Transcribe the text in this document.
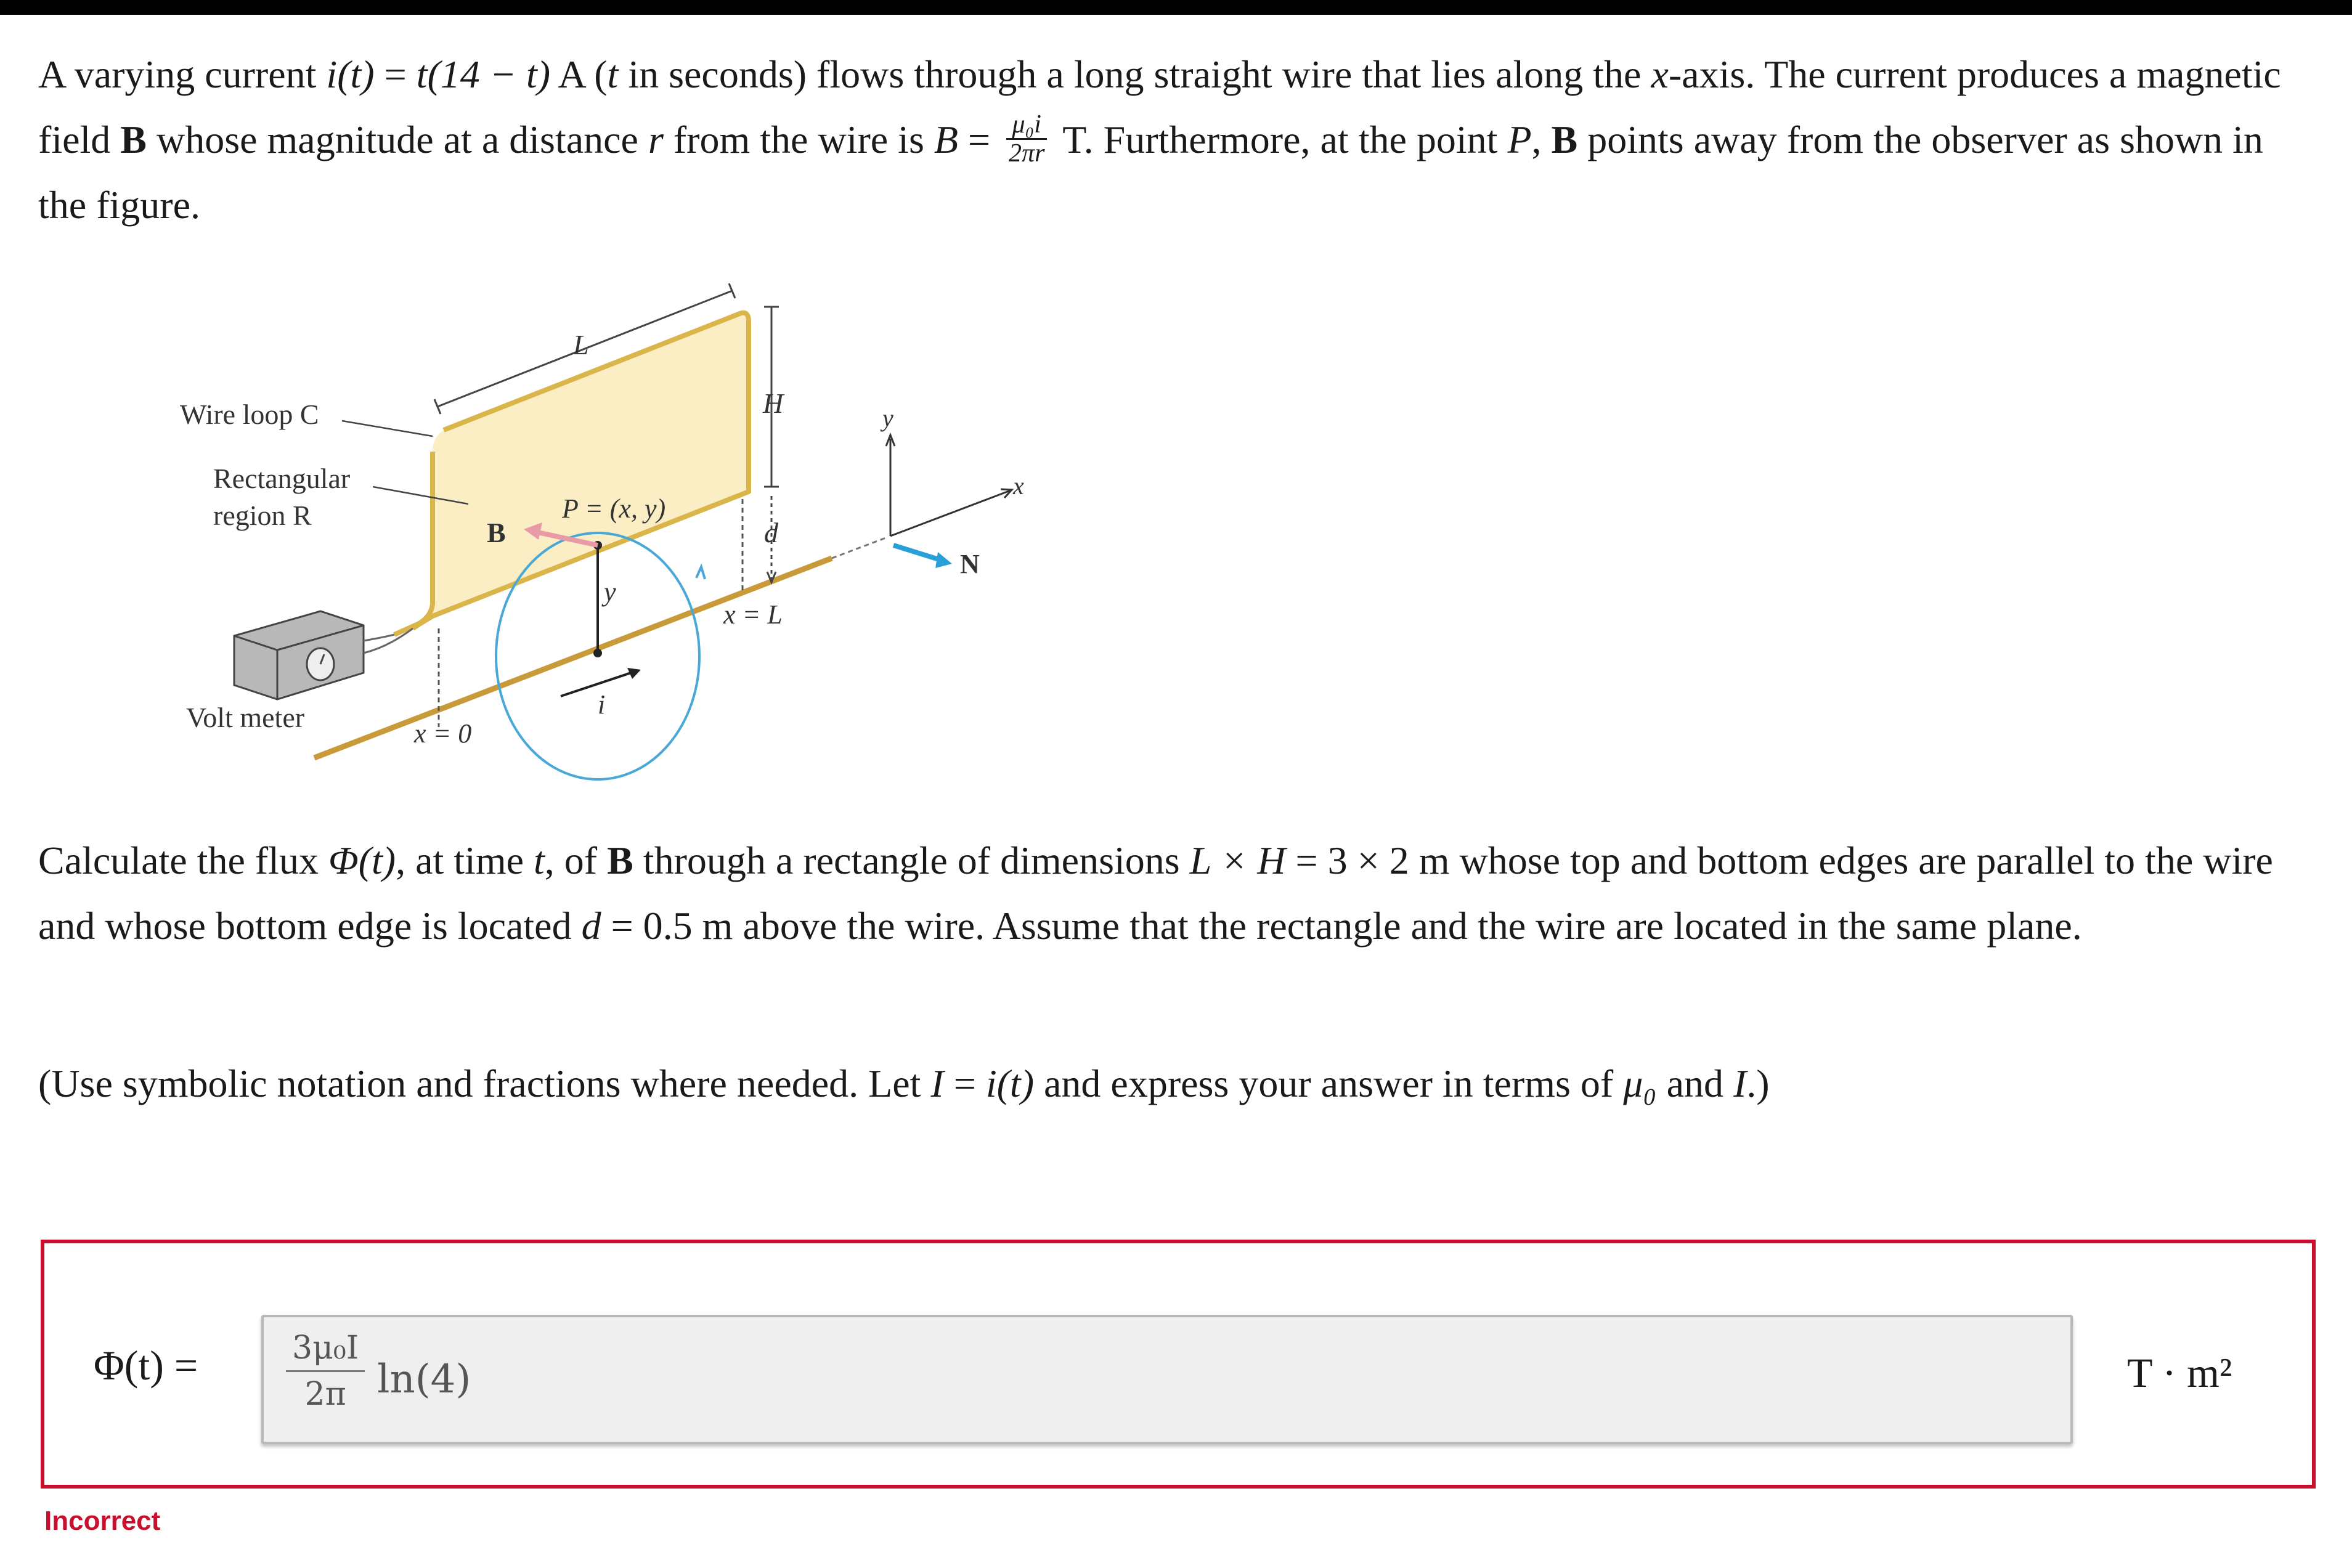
A varying current i(t) = t(14 − t) A (t in seconds) flows through a long straight wire that lies along the x-axis. The current produces a magnetic field B whose magnitude at a distance r from the wire is $B = \frac{\text{μ₀i}}{2\pi r} T$. Furthermore, at the point P, B points away from the observer as shown in the figure.

Wire loop C
Rectangular
region R
Volt meter
L
H
d
B
P = (x, y)
y
i
x = 0
x = L
y
x
N

Calculate the flux Φ(t), at time t, of B through a rectangle of dimensions L × H = 3 × 2 m whose top and bottom edges are parallel to the wire and whose bottom edge is located d = 0.5 m above the wire. Assume that the rectangle and the wire are located in the same plane.

(Use symbolic notation and fractions where needed. Let I = i(t) and express your answer in terms of μ₀ and I.)

Φ(t) =	$\frac{\text{3μ₀I}}{2\pi} \ln(4)$	T · m²
Incorrect
